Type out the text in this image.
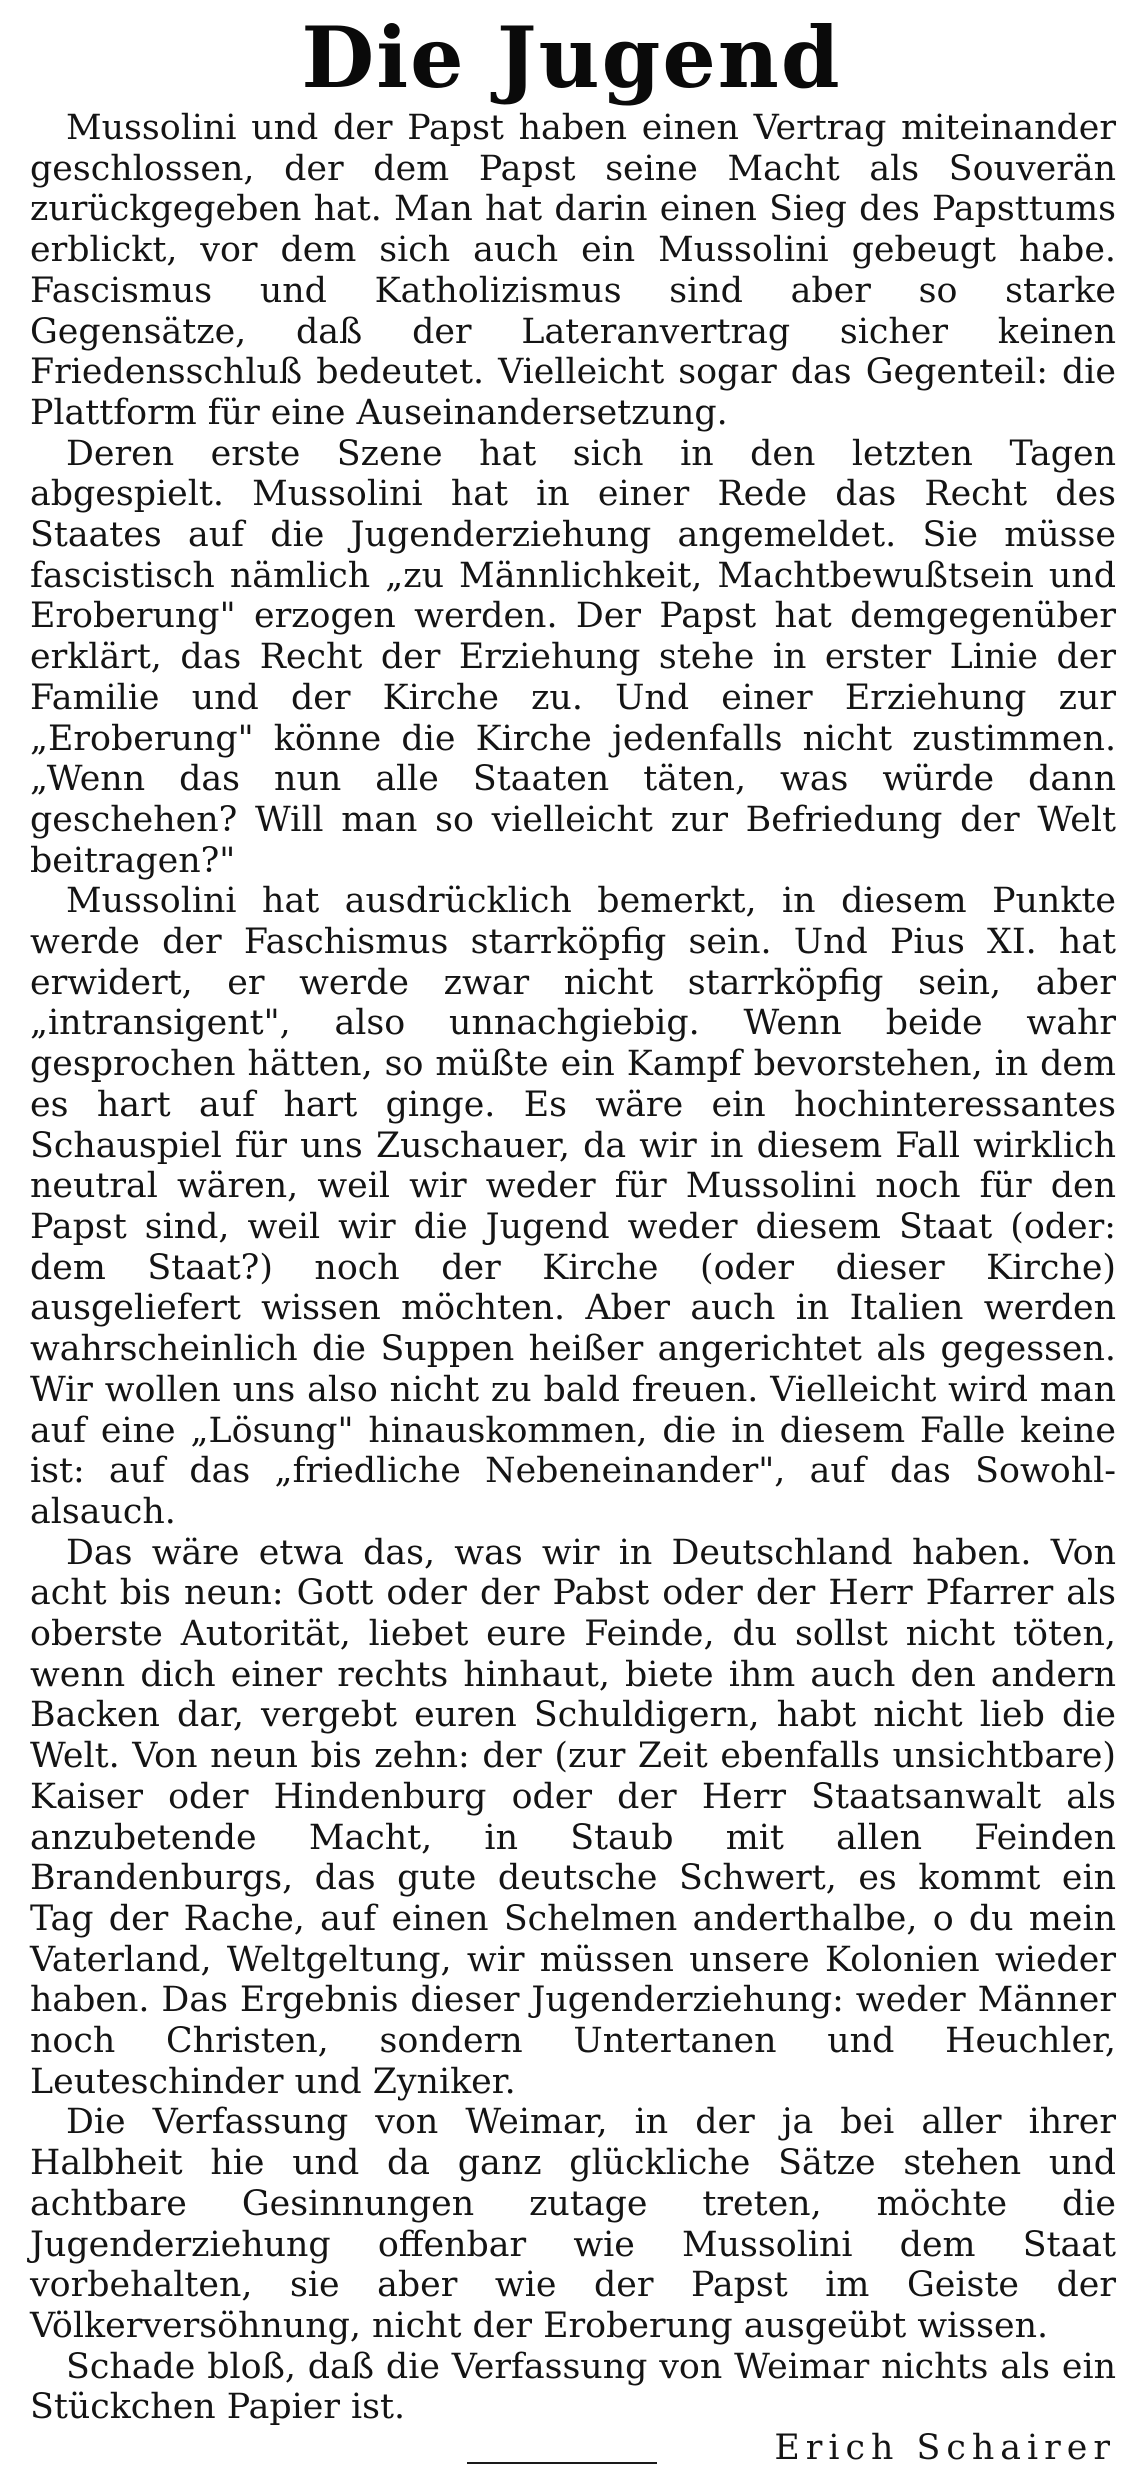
Die Jugend

Mussolini und der Papst haben einen Vertrag miteinander geschlossen, der dem Papst seine Macht als Souverän zurückgegeben hat. Man hat darin einen Sieg des Papsttums erblickt, vor dem sich auch ein Mussolini gebeugt habe. Fascismus und Katholizismus sind aber so starke Gegensätze, daß der Lateranvertrag sicher keinen Friedensschluß bedeutet. Vielleicht sogar das Gegenteil: die Plattform für eine Auseinandersetzung.

Deren erste Szene hat sich in den letzten Tagen abgespielt. Mussolini hat in einer Rede das Recht des Staates auf die Jugenderziehung angemeldet. Sie müsse fascistisch nämlich „zu Männlichkeit, Machtbewußtsein und Eroberung" erzogen werden. Der Papst hat demgegenüber erklärt, das Recht der Erziehung stehe in erster Linie der Familie und der Kirche zu. Und einer Erziehung zur „Eroberung" könne die Kirche jedenfalls nicht zustimmen. „Wenn das nun alle Staaten täten, was würde dann geschehen? Will man so vielleicht zur Befriedung der Welt beitragen?"

Mussolini hat ausdrücklich bemerkt, in diesem Punkte werde der Faschismus starrköpfig sein. Und Pius XI. hat erwidert, er werde zwar nicht starrköpfig sein, aber „intransigent", also unnachgiebig. Wenn beide wahr gesprochen hätten, so müßte ein Kampf bevorstehen, in dem es hart auf hart ginge. Es wäre ein hochinteressantes Schauspiel für uns Zuschauer, da wir in diesem Fall wirklich neutral wären, weil wir weder für Mussolini noch für den Papst sind, weil wir die Jugend weder diesem Staat (oder: dem Staat?) noch der Kirche (oder dieser Kirche) ausgeliefert wissen möchten. Aber auch in Italien werden wahrscheinlich die Suppen heißer angerichtet als gegessen. Wir wollen uns also nicht zu bald freuen. Vielleicht wird man auf eine „Lösung" hinauskommen, die in diesem Falle keine ist: auf das „friedliche Nebeneinander", auf das Sowohl-alsauch.

Das wäre etwa das, was wir in Deutschland haben. Von acht bis neun: Gott oder der Pabst oder der Herr Pfarrer als oberste Autorität, liebet eure Feinde, du sollst nicht töten, wenn dich einer rechts hinhaut, biete ihm auch den andern Backen dar, vergebt euren Schuldigern, habt nicht lieb die Welt. Von neun bis zehn: der (zur Zeit ebenfalls unsichtbare) Kaiser oder Hindenburg oder der Herr Staatsanwalt als anzubetende Macht, in Staub mit allen Feinden Brandenburgs, das gute deutsche Schwert, es kommt ein Tag der Rache, auf einen Schelmen anderthalbe, o du mein Vaterland, Weltgeltung, wir müssen unsere Kolonien wieder haben. Das Ergebnis dieser Jugenderziehung: weder Männer noch Christen, sondern Untertanen und Heuchler, Leuteschinder und Zyniker.

Die Verfassung von Weimar, in der ja bei aller ihrer Halbheit hie und da ganz glückliche Sätze stehen und achtbare Gesinnungen zutage treten, möchte die Jugenderziehung offenbar wie Mussolini dem Staat vorbehalten, sie aber wie der Papst im Geiste der Völkerversöhnung, nicht der Eroberung ausgeübt wissen.

Schade bloß, daß die Verfassung von Weimar nichts als ein Stückchen Papier ist.

Erich Schairer
